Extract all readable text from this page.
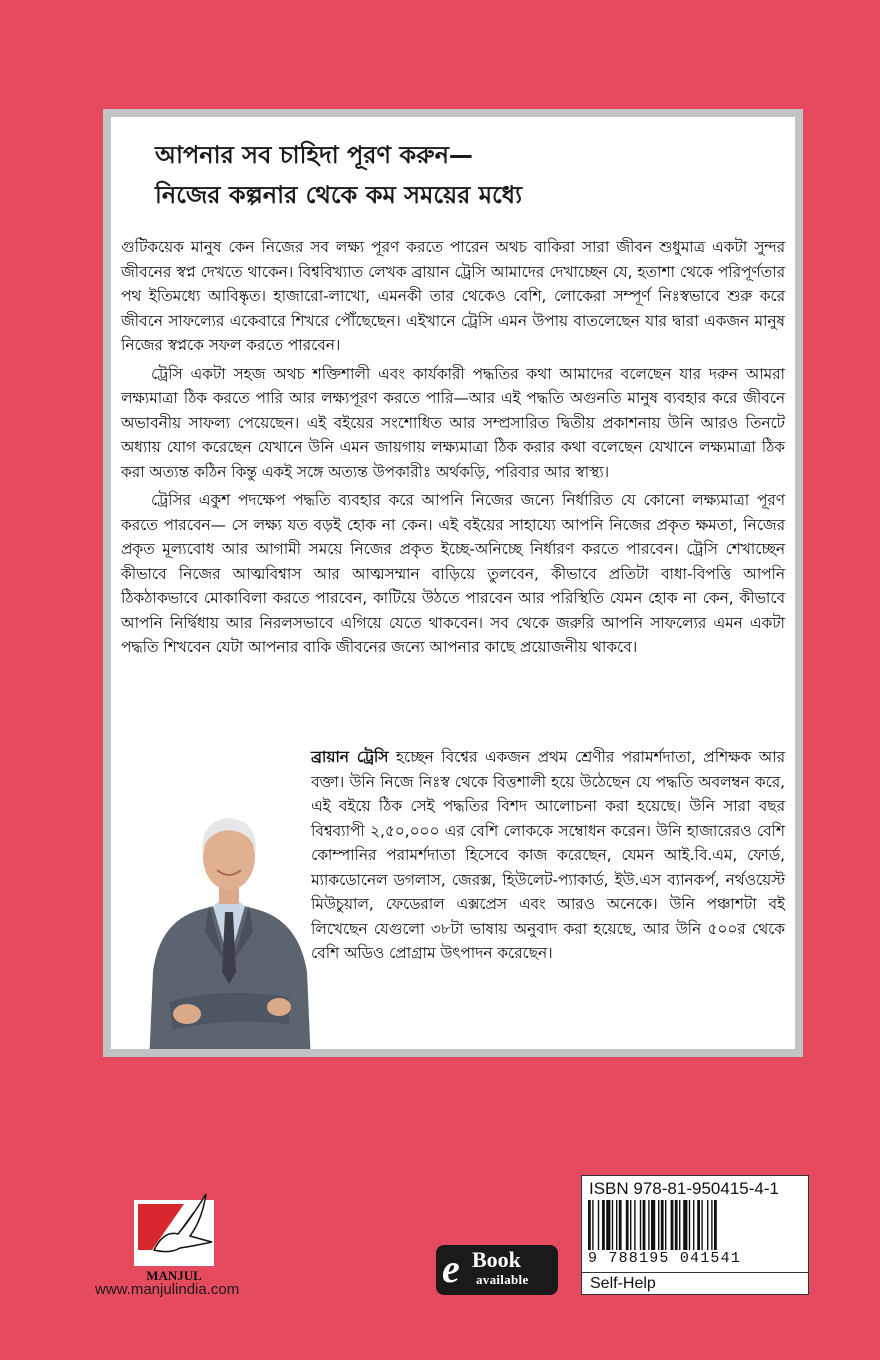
আপনার সব চাহিদা পূরণ করুন—
নিজের কল্পনার থেকে কম সময়ের মধ্যে

গুটিকয়েক মানুষ কেন নিজের সব লক্ষ্য পূরণ করতে পারেন অথচ বাকিরা সারা জীবন শুধুমাত্র একটা সুন্দর জীবনের স্বপ্ন দেখতে থাকেন। বিশ্ববিখ্যাত লেখক ব্রায়ান ট্রেসি আমাদের দেখাচ্ছেন যে, হতাশা থেকে পরিপূর্ণতার পথ ইতিমধ্যে আবিষ্কৃত। হাজারো-লাখো, এমনকী তার থেকেও বেশি, লোকেরা সম্পূর্ণ নিঃস্বভাবে শুরু করে জীবনে সাফল্যের একেবারে শিখরে পৌঁছেছেন। এইখানে ট্রেসি এমন উপায় বাতলেছেন যার দ্বারা একজন মানুষ নিজের স্বপ্নকে সফল করতে পারবেন।

ট্রেসি একটা সহজ অথচ শক্তিশালী এবং কার্যকারী পদ্ধতির কথা আমাদের বলেছেন যার দরুন আমরা লক্ষ্যমাত্রা ঠিক করতে পারি আর লক্ষ্যপূরণ করতে পারি—আর এই পদ্ধতি অগুনতি মানুষ ব্যবহার করে জীবনে অভাবনীয় সাফল্য পেয়েছেন। এই বইয়ের সংশোধিত আর সম্প্রসারিত দ্বিতীয় প্রকাশনায় উনি আরও তিনটে অধ্যায় যোগ করেছেন যেখানে উনি এমন জায়গায় লক্ষ্যমাত্রা ঠিক করার কথা বলেছেন যেখানে লক্ষ্যমাত্রা ঠিক করা অত্যন্ত কঠিন কিন্তু একই সঙ্গে অত্যন্ত উপকারীঃ অর্থকড়ি, পরিবার আর স্বাস্থ্য।

ট্রেসির একুশ পদক্ষেপ পদ্ধতি ব্যবহার করে আপনি নিজের জন্যে নির্ধারিত যে কোনো লক্ষ্যমাত্রা পূরণ করতে পারবেন— সে লক্ষ্য যত বড়ই হোক না কেন। এই বইয়ের সাহায্যে আপনি নিজের প্রকৃত ক্ষমতা, নিজের প্রকৃত মূল্যবোধ আর আগামী সময়ে নিজের প্রকৃত ইচ্ছে-অনিচ্ছে নির্ধারণ করতে পারবেন। ট্রেসি শেখাচ্ছেন কীভাবে নিজের আত্মবিশ্বাস আর আত্মসম্মান বাড়িয়ে তুলবেন, কীভাবে প্রতিটা বাধা-বিপত্তি আপনি ঠিকঠাকভাবে মোকাবিলা করতে পারবেন, কাটিয়ে উঠতে পারবেন আর পরিস্থিতি যেমন হোক না কেন, কীভাবে আপনি নির্দ্বিধায় আর নিরলসভাবে এগিয়ে যেতে থাকবেন। সব থেকে জরুরি আপনি সাফল্যের এমন একটা পদ্ধতি শিখবেন যেটা আপনার বাকি জীবনের জন্যে আপনার কাছে প্রয়োজনীয় থাকবে।

ব্রায়ান ট্রেসি হচ্ছেন বিশ্বের একজন প্রথম শ্রেণীর পরামর্শদাতা, প্রশিক্ষক আর বক্তা। উনি নিজে নিঃস্ব থেকে বিত্তশালী হয়ে উঠেছেন যে পদ্ধতি অবলম্বন করে, এই বইয়ে ঠিক সেই পদ্ধতির বিশদ আলোচনা করা হয়েছে। উনি সারা বছর বিশ্বব্যাপী ২,৫০,০০০ এর বেশি লোককে সম্বোধন করেন। উনি হাজারেরও বেশি কোম্পানির পরামর্শদাতা হিসেবে কাজ করেছেন, যেমন আই.বি.এম, ফোর্ড, ম্যাকডোনেল ডগলাস, জেরক্স, হিউলেট-প্যাকার্ড, ইউ.এস ব্যানকর্প, নর্থওয়েস্ট মিউচুয়াল, ফেডেরাল এক্সপ্রেস এবং আরও অনেকে। উনি পঞ্চাশটা বই লিখেছেন যেগুলো ৩৮টা ভাষায় অনুবাদ করা হয়েছে, আর উনি ৫০০র থেকে বেশি অডিও প্রোগ্রাম উৎপাদন করেছেন।
MANJUL
www.manjulindia.com	e Book
available
ISBN 978-81-950415-4-1
9 788195 041541
Self-Help
